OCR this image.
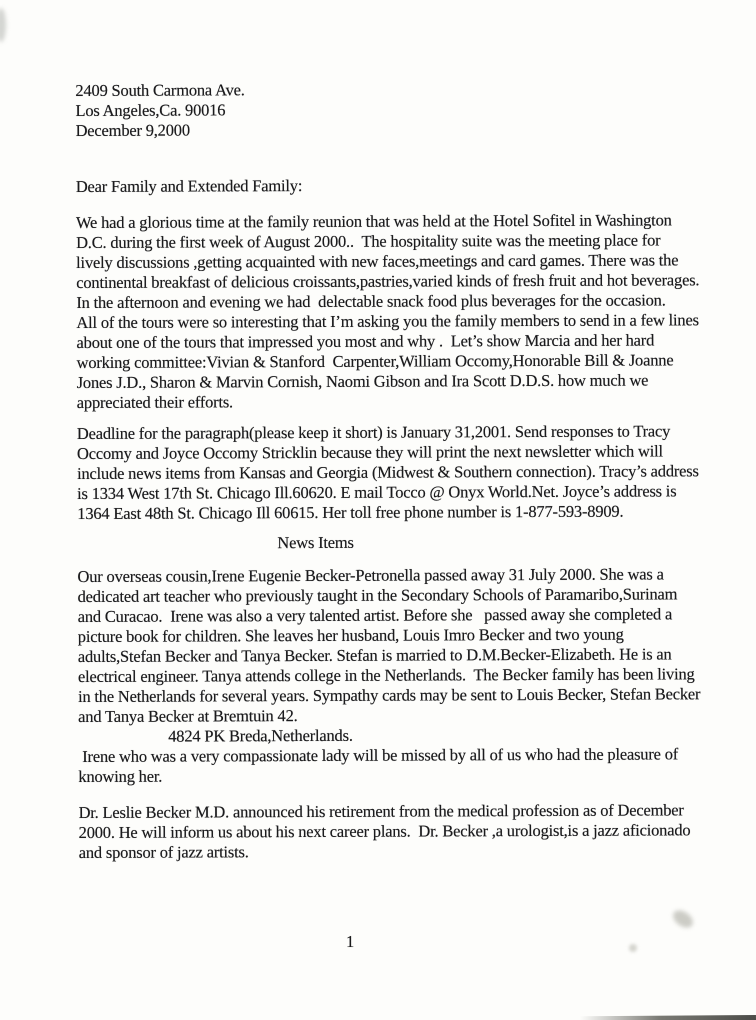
2409 South Carmona Ave.
Los Angeles,Ca. 90016
December 9,2000
Dear Family and Extended Family:
We had a glorious time at the family reunion that was held at the Hotel Sofitel in Washington
D.C. during the first week of August 2000..  The hospitality suite was the meeting place for
lively discussions ,getting acquainted with new faces,meetings and card games. There was the
continental breakfast of delicious croissants,pastries,varied kinds of fresh fruit and hot beverages.
In the afternoon and evening we had  delectable snack food plus beverages for the occasion.
All of the tours were so interesting that I’m asking you the family members to send in a few lines
about one of the tours that impressed you most and why .  Let’s show Marcia and her hard
working committee:Vivian & Stanford  Carpenter,William Occomy,Honorable Bill & Joanne
Jones J.D., Sharon & Marvin Cornish, Naomi Gibson and Ira Scott D.D.S. how much we
appreciated their efforts.
Deadline for the paragraph(please keep it short) is January 31,2001. Send responses to Tracy
Occomy and Joyce Occomy Stricklin because they will print the next newsletter which will
include news items from Kansas and Georgia (Midwest & Southern connection). Tracy’s address
is 1334 West 17th St. Chicago Ill.60620. E mail Tocco @ Onyx World.Net. Joyce’s address is
1364 East 48th St. Chicago Ill 60615. Her toll free phone number is 1-877-593-8909.
News Items
Our overseas cousin,Irene Eugenie Becker-Petronella passed away 31 July 2000. She was a
dedicated art teacher who previously taught in the Secondary Schools of Paramaribo,Surinam
and Curacao.  Irene was also a very talented artist. Before she   passed away she completed a
picture book for children. She leaves her husband, Louis Imro Becker and two young
adults,Stefan Becker and Tanya Becker. Stefan is married to D.M.Becker-Elizabeth. He is an
electrical engineer. Tanya attends college in the Netherlands.  The Becker family has been living
in the Netherlands for several years. Sympathy cards may be sent to Louis Becker, Stefan Becker
and Tanya Becker at Bremtuin 42.
4824 PK Breda,Netherlands.
Irene who was a very compassionate lady will be missed by all of us who had the pleasure of
knowing her.
Dr. Leslie Becker M.D. announced his retirement from the medical profession as of December
2000. He will inform us about his next career plans.  Dr. Becker ,a urologist,is a jazz aficionado
and sponsor of jazz artists.
1
